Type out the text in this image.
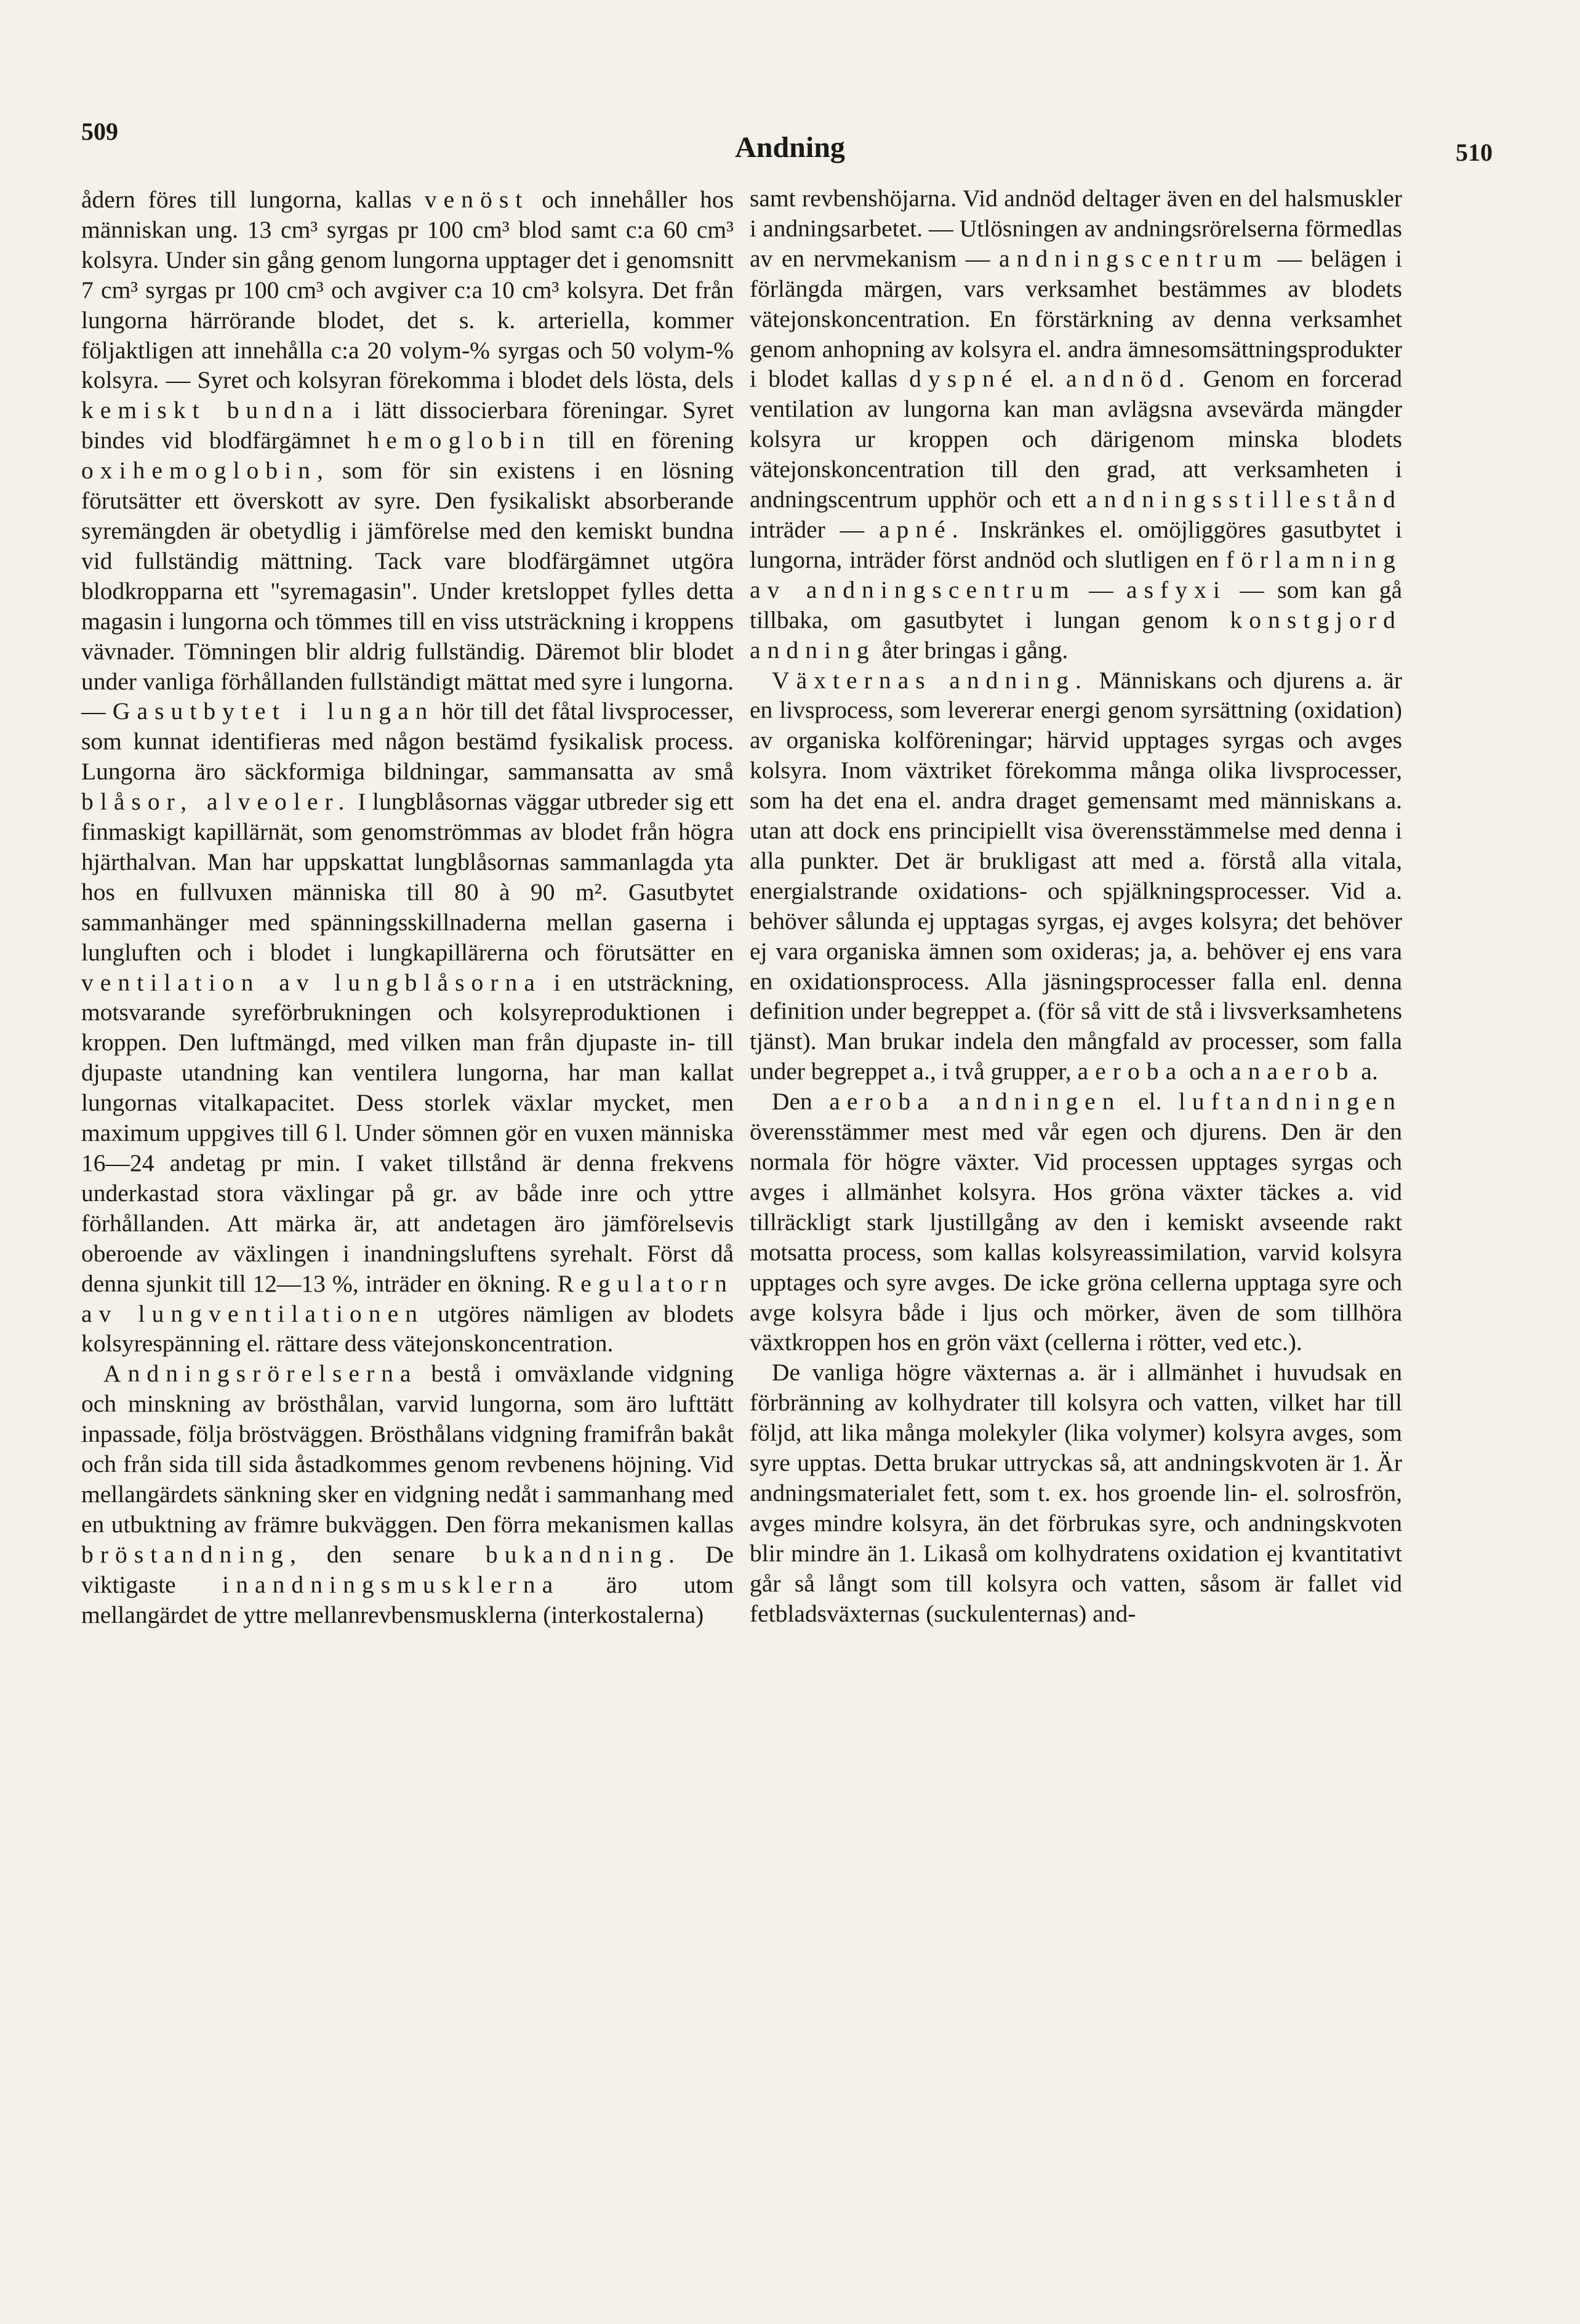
509	Andning	510

ådern föres till lungorna, kallas venöst och innehåller hos människan ung. 13 cm³ syrgas pr 100 cm³ blod samt c:a 60 cm³ kolsyra. Under sin gång genom lungorna upptager det i genomsnitt 7 cm³ syrgas pr 100 cm³ och avgiver c:a 10 cm³ kolsyra. Det från lungorna härrörande blodet, det s. k. arteriella, kommer följaktligen att innehålla c:a 20 volym-% syrgas och 50 volym-% kolsyra. — Syret och kolsyran förekomma i blodet dels lösta, dels kemiskt bundna i lätt dissocierbara föreningar. Syret bindes vid blodfärgämnet hemoglobin till en förening oxihemoglobin, som för sin existens i en lösning förutsätter ett överskott av syre. Den fysikaliskt absorberande syremängden är obetydlig i jämförelse med den kemiskt bundna vid fullständig mättning. Tack vare blodfärgämnet utgöra blodkropparna ett "syremagasin". Under kretsloppet fylles detta magasin i lungorna och tömmes till en viss utsträckning i kroppens vävnader. Tömningen blir aldrig fullständig. Däremot blir blodet under vanliga förhållanden fullständigt mättat med syre i lungorna. — Gasutbytet i lungan hör till det fåtal livsprocesser, som kunnat identifieras med någon bestämd fysikalisk process. Lungorna äro säckformiga bildningar, sammansatta av små blåsor, alveoler. I lungblåsornas väggar utbreder sig ett finmaskigt kapillärnät, som genomströmmas av blodet från högra hjärthalvan. Man har uppskattat lungblåsornas sammanlagda yta hos en fullvuxen människa till 80 à 90 m². Gasutbytet sammanhänger med spänningsskillnaderna mellan gaserna i lungluften och i blodet i lungkapillärerna och förutsätter en ventilation av lungblåsorna i en utsträckning, motsvarande syreförbrukningen och kolsyreproduktionen i kroppen. Den luftmängd, med vilken man från djupaste in- till djupaste utandning kan ventilera lungorna, har man kallat lungornas vitalkapacitet. Dess storlek växlar mycket, men maximum uppgives till 6 l. Under sömnen gör en vuxen människa 16—24 andetag pr min. I vaket tillstånd är denna frekvens underkastad stora växlingar på gr. av både inre och yttre förhållanden. Att märka är, att andetagen äro jämförelsevis oberoende av växlingen i inandningsluftens syrehalt. Först då denna sjunkit till 12—13 %, inträder en ökning. Regulatorn av lungventilationen utgöres nämligen av blodets kolsyrespänning el. rättare dess vätejonskoncentration.

Andningsrörelserna bestå i omväxlande vidgning och minskning av brösthålan, varvid lungorna, som äro lufttätt inpassade, följa bröstväggen. Brösthålans vidgning framifrån bakåt och från sida till sida åstadkommes genom revbenens höjning. Vid mellangärdets sänkning sker en vidgning nedåt i sammanhang med en utbuktning av främre bukväggen. Den förra mekanismen kallas bröstandning, den senare bukandning. De viktigaste inandningsmusklerna äro utom mellangärdet de yttre mellanrevbensmusklerna (interkostalerna)

samt revbenshöjarna. Vid andnöd deltager även en del halsmuskler i andningsarbetet. — Utlösningen av andningsrörelserna förmedlas av en nervmekanism — andningscentrum — belägen i förlängda märgen, vars verksamhet bestämmes av blodets vätejonskoncentration. En förstärkning av denna verksamhet genom anhopning av kolsyra el. andra ämnesomsättningsprodukter i blodet kallas dyspné el. andnöd. Genom en forcerad ventilation av lungorna kan man avlägsna avsevärda mängder kolsyra ur kroppen och därigenom minska blodets vätejonskoncentration till den grad, att verksamheten i andningscentrum upphör och ett andningsstillestånd inträder — apné. Inskränkes el. omöjliggöres gasutbytet i lungorna, inträder först andnöd och slutligen en förlamning av andningscentrum — asfyxi — som kan gå tillbaka, om gasutbytet i lungan genom konstgjord andning åter bringas i gång.

Växternas andning. Människans och djurens a. är en livsprocess, som levererar energi genom syrsättning (oxidation) av organiska kolföreningar; härvid upptages syrgas och avges kolsyra. Inom växtriket förekomma många olika livsprocesser, som ha det ena el. andra draget gemensamt med människans a. utan att dock ens principiellt visa överensstämmelse med denna i alla punkter. Det är brukligast att med a. förstå alla vitala, energialstrande oxidations- och spjälkningsprocesser. Vid a. behöver sålunda ej upptagas syrgas, ej avges kolsyra; det behöver ej vara organiska ämnen som oxideras; ja, a. behöver ej ens vara en oxidationsprocess. Alla jäsningsprocesser falla enl. denna definition under begreppet a. (för så vitt de stå i livsverksamhetens tjänst). Man brukar indela den mångfald av processer, som falla under begreppet a., i två grupper, aeroba och anaerob a.

Den aeroba andningen el. luftandningen överensstämmer mest med vår egen och djurens. Den är den normala för högre växter. Vid processen upptages syrgas och avges i allmänhet kolsyra. Hos gröna växter täckes a. vid tillräckligt stark ljustillgång av den i kemiskt avseende rakt motsatta process, som kallas kolsyreassimilation, varvid kolsyra upptages och syre avges. De icke gröna cellerna upptaga syre och avge kolsyra både i ljus och mörker, även de som tillhöra växtkroppen hos en grön växt (cellerna i rötter, ved etc.).

De vanliga högre växternas a. är i allmänhet i huvudsak en förbränning av kolhydrater till kolsyra och vatten, vilket har till följd, att lika många molekyler (lika volymer) kolsyra avges, som syre upptas. Detta brukar uttryckas så, att andningskvoten är 1. Är andningsmaterialet fett, som t. ex. hos groende lin- el. solrosfrön, avges mindre kolsyra, än det förbrukas syre, och andningskvoten blir mindre än 1. Likaså om kolhydratens oxidation ej kvantitativt går så långt som till kolsyra och vatten, såsom är fallet vid fetbladsväxternas (suckulenternas) and-
